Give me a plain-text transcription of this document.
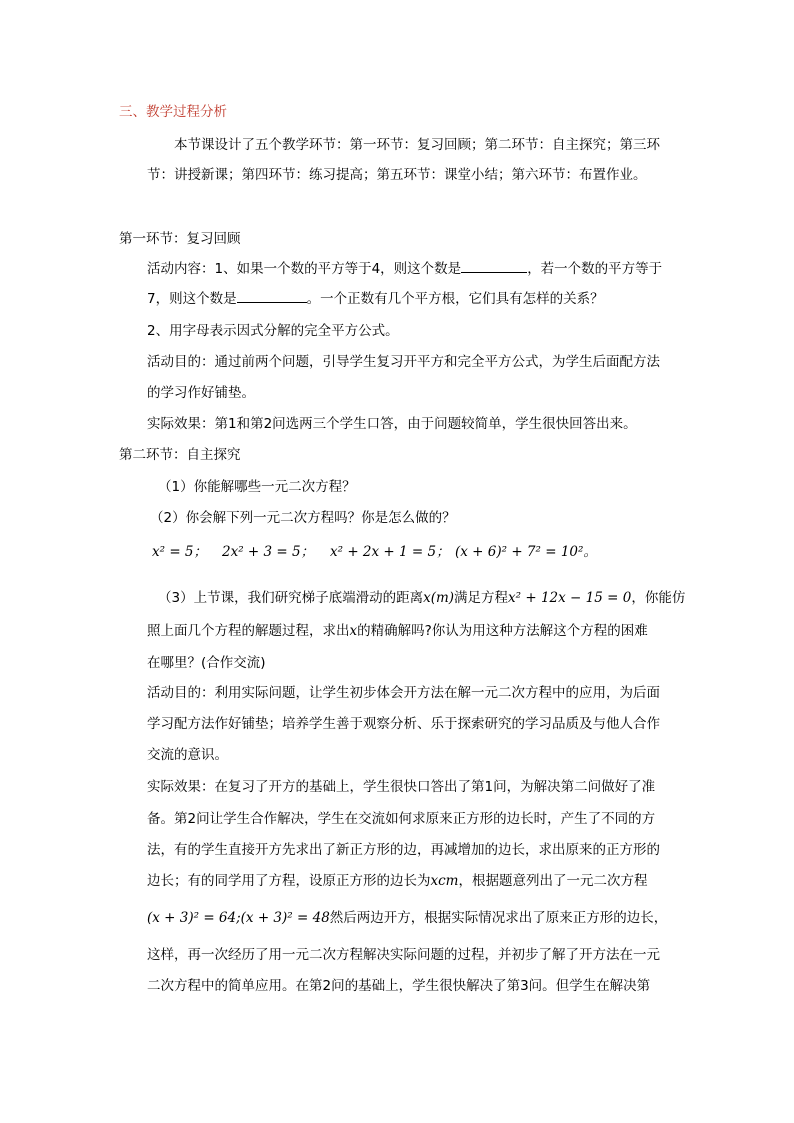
三、教学过程分析
本节课设计了五个教学环节：第一环节：复习回顾；第二环节：自主探究；第三环
节：讲授新课；第四环节：练习提高；第五环节：课堂小结；第六环节：布置作业。
第一环节：复习回顾
活动内容：1、如果一个数的平方等于4，则这个数是	，若一个数的平方等于
7，则这个数是	。一个正数有几个平方根，它们具有怎样的关系？
2、用字母表示因式分解的完全平方公式。
活动目的：通过前两个问题，引导学生复习开平方和完全平方公式，为学生后面配方法
的学习作好铺垫。
实际效果：第1和第2问选两三个学生口答，由于问题较简单，学生很快回答出来。
第二环节：自主探究
（1）你能解哪些一元二次方程？
（2）你会解下列一元二次方程吗？你是怎么做的？
x² = 5； 2x² + 3 = 5； x² + 2x + 1 = 5； (x + 6)² + 7² = 10²。
（3）上节课，我们研究梯子底端滑动的距离x(m)满足方程x² + 12x − 15 = 0，你能仿
照上面几个方程的解题过程，求出x的精确解吗?你认为用这种方法解这个方程的困难
在哪里？(合作交流)
活动目的：利用实际问题，让学生初步体会开方法在解一元二次方程中的应用，为后面
学习配方法作好铺垫；培养学生善于观察分析、乐于探索研究的学习品质及与他人合作
交流的意识。
实际效果：在复习了开方的基础上，学生很快口答出了第1问，为解决第二问做好了准
备。第2问让学生合作解决，学生在交流如何求原来正方形的边长时，产生了不同的方
法，有的学生直接开方先求出了新正方形的边，再减增加的边长，求出原来的正方形的
边长；有的同学用了方程，设原正方形的边长为xcm，根据题意列出了一元二次方程
(x + 3)² = 64;(x + 3)² = 48然后两边开方，根据实际情况求出了原来正方形的边长，
这样，再一次经历了用一元二次方程解决实际问题的过程，并初步了解了开方法在一元
二次方程中的简单应用。在第2问的基础上，学生很快解决了第3问。但学生在解决第
